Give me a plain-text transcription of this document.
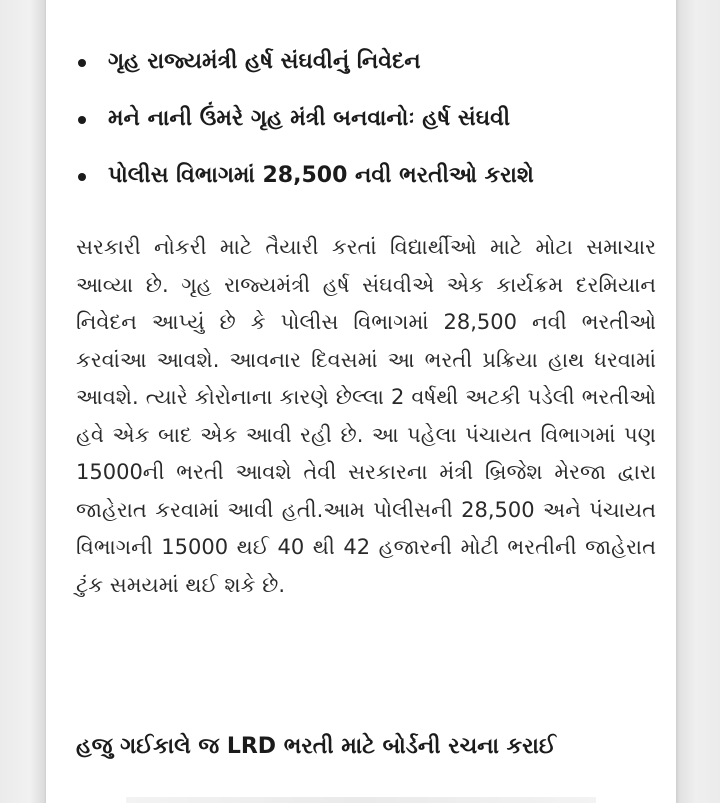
ગૃહ રાજ્યમંત્રી હર્ષ સંઘવીનું નિવેદન
મને નાની ઉંમરે ગૃહ મંત્રી બનવાનોઃ હર્ષ સંઘવી
પોલીસ વિભાગમાં 28,500 નવી ભરતીઓ કરાશે

સરકારી નોકરી માટે તૈયારી કરતાં વિદ્યાર્થીઓ માટે મોટા સમાચાર આવ્યા છે. ગૃહ રાજ્યમંત્રી હર્ષ સંઘવીએ એક કાર્યક્રમ દરમિયાન નિવેદન આપ્યું છે કે પોલીસ વિભાગમાં 28,500 નવી ભરતીઓ કરવાંઆ આવશે. આવનાર દિવસમાં આ ભરતી પ્રક્રિયા હાથ ધરવામાં આવશે. ત્યારે કોરોનાના કારણે છેલ્લા 2 વર્ષથી અટકી પડેલી ભરતીઓ હવે એક બાદ એક આવી રહી છે. આ પહેલા પંચાયત વિભાગમાં પણ 15000ની ભરતી આવશે તેવી સરકારના મંત્રી બ્રિજેશ મેરજા દ્વારા જાહેરાત કરવામાં આવી હતી.આમ પોલીસની 28,500 અને પંચાયત વિભાગની 15000 થઈ 40 થી 42 હજારની મોટી ભરતીની જાહેરાત ટુંક સમયમાં થઈ શકે છે.

હજુ ગઈકાલે જ LRD ભરતી માટે બોર્ડની રચના કરાઈ
